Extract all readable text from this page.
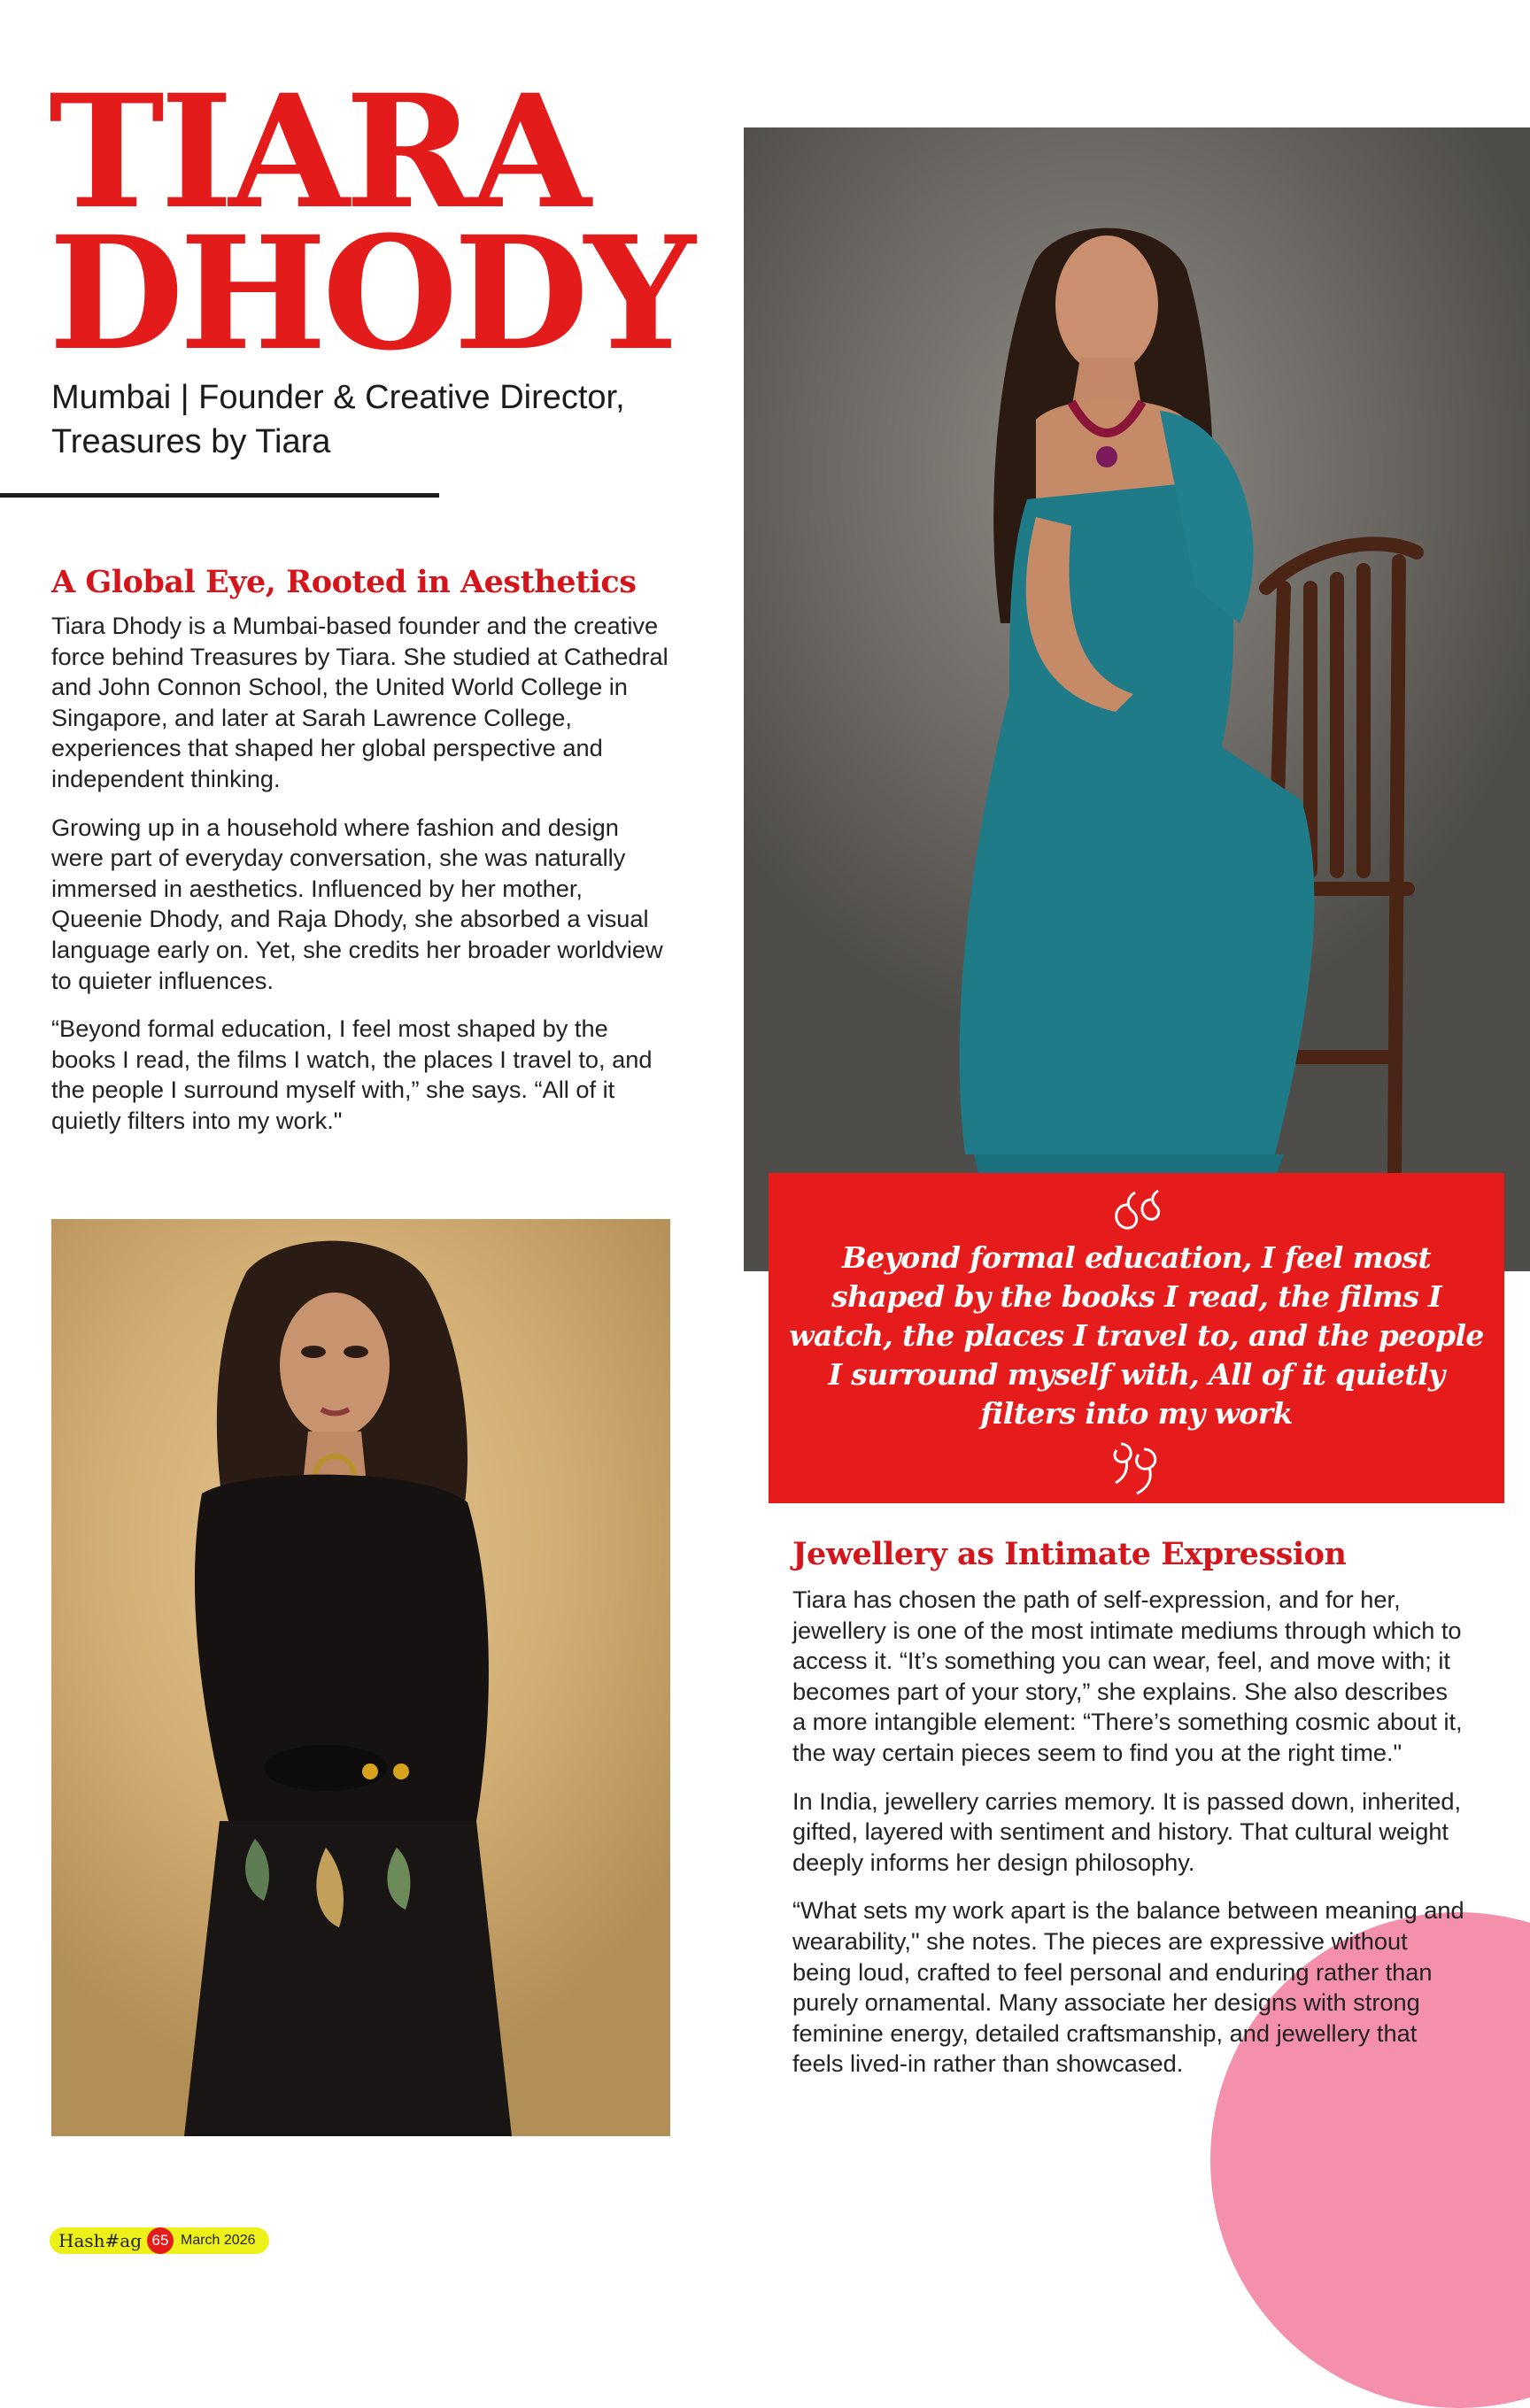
TIARA
DHODY
Mumbai | Founder & Creative Director,
Treasures by Tiara
A Global Eye, Rooted in Aesthetics

Tiara Dhody is a Mumbai-based founder and the creative force behind Treasures by Tiara. She studied at Cathedral and John Connon School, the United World College in Singapore, and later at Sarah Lawrence College, experiences that shaped her global perspective and independent thinking.

Growing up in a household where fashion and design were part of everyday conversation, she was naturally immersed in aesthetics. Influenced by her mother, Queenie Dhody, and Raja Dhody, she absorbed a visual language early on. Yet, she credits her broader worldview to quieter influences.

“Beyond formal education, I feel most shaped by the books I read, the films I watch, the places I travel to, and the people I surround myself with,” she says. “All of it quietly filters into my work."

Beyond formal education, I feel most shaped by the books I read, the films I watch, the places I travel to, and the people I surround myself with, All of it quietly filters into my work
Jewellery as Intimate Expression

Tiara has chosen the path of self-expression, and for her, jewellery is one of the most intimate mediums through which to access it. “It’s something you can wear, feel, and move with; it becomes part of your story,” she explains. She also describes a more intangible element: “There’s something cosmic about it, the way certain pieces seem to find you at the right time."

In India, jewellery carries memory. It is passed down, inherited, gifted, layered with sentiment and history. That cultural weight deeply informs her design philosophy.

“What sets my work apart is the balance between meaning and wearability," she notes. The pieces are expressive without being loud, crafted to feel personal and enduring rather than purely ornamental. Many associate her designs with strong feminine energy, detailed craftsmanship, and jewellery that feels lived-in rather than showcased.

Hash#ag 65 March 2026
